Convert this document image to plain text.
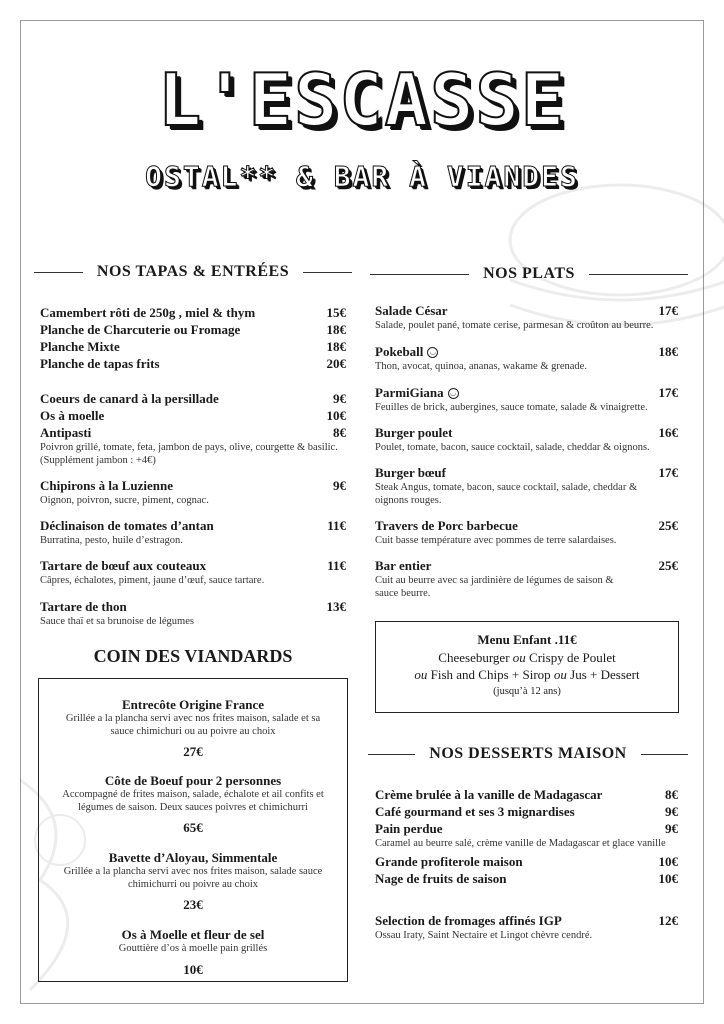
L'ESCASSE
OSTAL** & BAR À VIANDES
NOS TAPAS & ENTRÉES
Camembert rôti de 250g , miel & thym	15€
Planche de Charcuterie ou Fromage	18€
Planche Mixte	18€
Planche de tapas frits	20€
Coeurs de canard à la persillade	9€
Os à moelle	10€
Antipasti	8€
Poivron grillé, tomate, feta, jambon de pays, olive, courgette & basilic. (Supplément jambon : +4€)
Chipirons à la Luzienne	9€
Oignon, poivron, sucre, piment, cognac.
Déclinaison de tomates d’antan	11€
Burratina, pesto, huile d’estragon.
Tartare de bœuf aux couteaux	11€
Câpres, échalotes, piment, jaune d’œuf, sauce tartare.
Tartare de thon	13€
Sauce thaï et sa brunoise de légumes
COIN DES VIANDARDS
Entrecôte Origine France
Grillée a la plancha servi avec nos frites maison, salade et sa sauce chimichuri ou au poivre au choix
27€
Côte de Boeuf pour 2 personnes
Accompagné de frites maison, salade, échalote et ail confits et légumes de saison. Deux sauces poivres et chimichurri
65€
Bavette d’Aloyau, Simmentale
Grillée a la plancha servi avec nos frites maison, salade sauce chimichurri ou poivre au choix
23€
Os à Moelle et fleur de sel
Gouttière d’os à moelle pain grillés
10€
NOS PLATS
Salade César	17€
Salade, poulet pané, tomate cerise, parmesan & croûton au beurre.
Pokeball ◡	18€
Thon, avocat, quinoa, ananas, wakame & grenade.
ParmiGiana ◡	17€
Feuilles de brick, aubergines, sauce tomate, salade & vinaigrette.
Burger poulet	16€
Poulet, tomate, bacon, sauce cocktail, salade, cheddar & oignons.
Burger bœuf	17€
Steak Angus, tomate, bacon, sauce cocktail, salade, cheddar & oignons rouges.
Travers de Porc barbecue	25€
Cuit basse température avec pommes de terre salardaises.
Bar entier	25€
Cuit au beurre avec sa jardinière de légumes de saison & sauce beurre.
Menu Enfant .11€
Cheeseburger ou Crispy de Poulet
ou Fish and Chips + Sirop ou Jus + Dessert
(jusqu’à 12 ans)
NOS DESSERTS MAISON
Crème brulée à la vanille de Madagascar	8€
Café gourmand et ses 3 mignardises	9€
Pain perdue	9€
Caramel au beurre salé, crème vanille de Madagascar et glace vanille
Grande profiterole maison	10€
Nage de fruits de saison	10€
Selection de fromages affinés IGP	12€
Ossau Iraty, Saint Nectaire et Lingot chèvre cendré.
